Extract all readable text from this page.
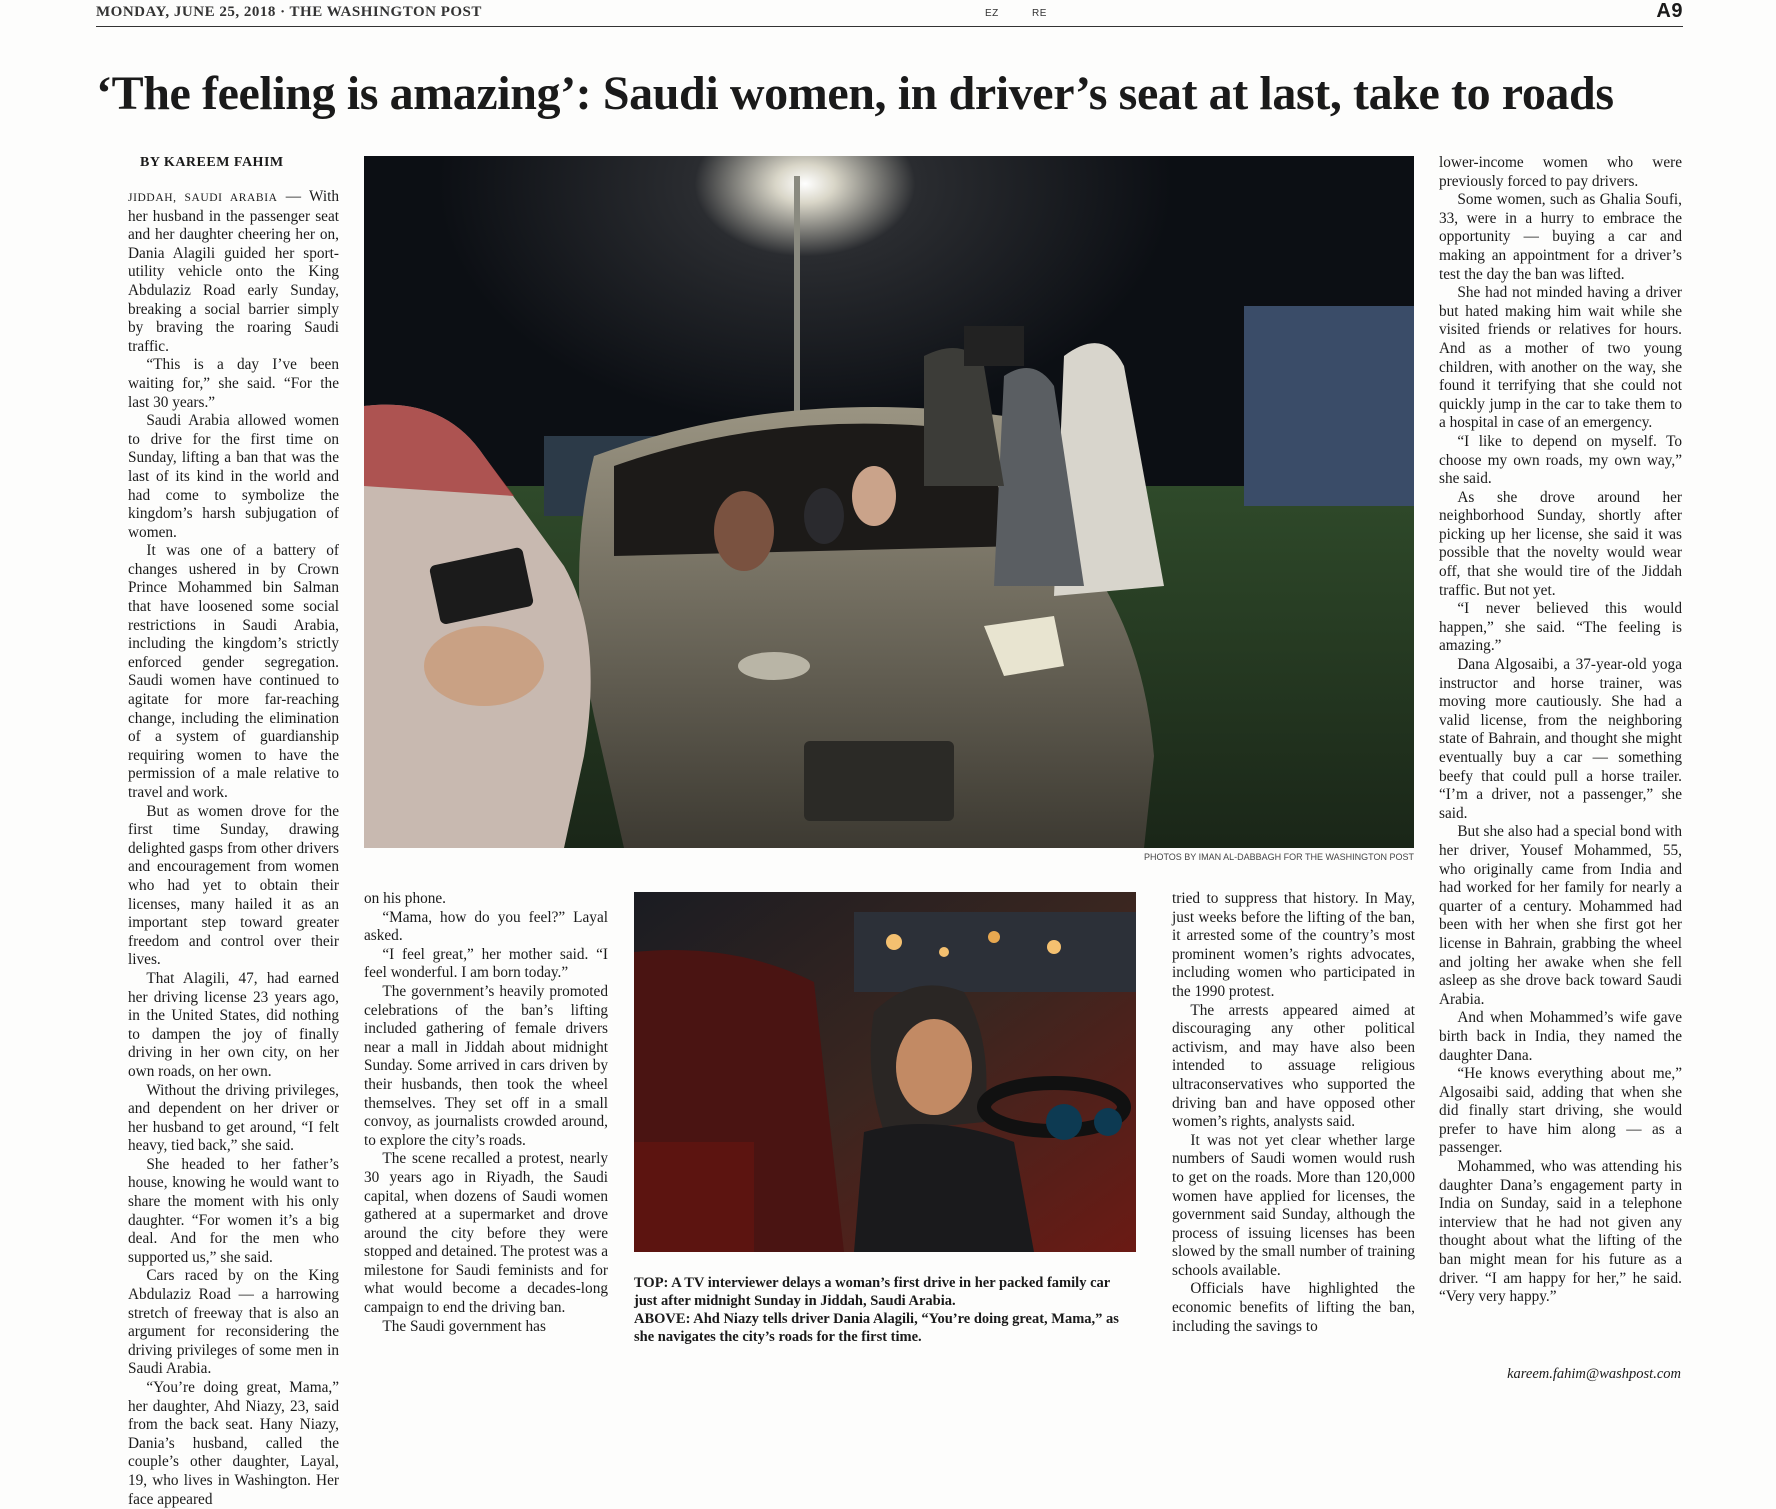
MONDAY, JUNE 25, 2018 · THE WASHINGTON POST	EZ	RE	A9
‘The feeling is amazing’: Saudi women, in driver’s seat at last, take to roads
BY KAREEM FAHIM

JIDDAH, SAUDI ARABIA — With her husband in the passenger seat and her daughter cheering her on, Dania Alagili guided her sport-utility vehicle onto the King Abdulaziz Road early Sunday, breaking a social barrier simply by braving the roaring Saudi traffic.

“This is a day I’ve been waiting for,” she said. “For the last 30 years.”

Saudi Arabia allowed women to drive for the first time on Sunday, lifting a ban that was the last of its kind in the world and had come to symbolize the kingdom’s harsh subjugation of women.

It was one of a battery of changes ushered in by Crown Prince Mohammed bin Salman that have loosened some social restrictions in Saudi Arabia, including the kingdom’s strictly enforced gender segregation. Saudi women have continued to agitate for more far-reaching change, including the elimination of a system of guardianship requiring women to have the permission of a male relative to travel and work.

But as women drove for the first time Sunday, drawing delighted gasps from other drivers and encouragement from women who had yet to obtain their licenses, many hailed it as an important step toward greater freedom and control over their lives.

That Alagili, 47, had earned her driving license 23 years ago, in the United States, did nothing to dampen the joy of finally driving in her own city, on her own roads, on her own.

Without the driving privileges, and dependent on her driver or her husband to get around, “I felt heavy, tied back,” she said.

She headed to her father’s house, knowing he would want to share the moment with his only daughter. “For women it’s a big deal. And for the men who supported us,” she said.

Cars raced by on the King Abdulaziz Road — a harrowing stretch of freeway that is also an argument for reconsidering the driving privileges of some men in Saudi Arabia.

“You’re doing great, Mama,” her daughter, Ahd Niazy, 23, said from the back seat. Hany Niazy, Dania’s husband, called the couple’s other daughter, Layal, 19, who lives in Washington. Her face appeared

PHOTOS BY IMAN AL-DABBAGH FOR THE WASHINGTON POST

on his phone.

“Mama, how do you feel?” Layal asked.

“I feel great,” her mother said. “I feel wonderful. I am born today.”

The government’s heavily promoted celebrations of the ban’s lifting included gathering of female drivers near a mall in Jiddah about midnight Sunday. Some arrived in cars driven by their husbands, then took the wheel themselves. They set off in a small convoy, as journalists crowded around, to explore the city’s roads.

The scene recalled a protest, nearly 30 years ago in Riyadh, the Saudi capital, when dozens of Saudi women gathered at a supermarket and drove around the city before they were stopped and detained. The protest was a milestone for Saudi feminists and for what would become a decades-long campaign to end the driving ban.

The Saudi government has

TOP: A TV interviewer delays a woman’s first drive in her packed family car just after midnight Sunday in Jiddah, Saudi Arabia.

ABOVE: Ahd Niazy tells driver Dania Alagili, “You’re doing great, Mama,” as she navigates the city’s roads for the first time.

tried to suppress that history. In May, just weeks before the lifting of the ban, it arrested some of the country’s most prominent women’s rights advocates, including women who participated in the 1990 protest.

The arrests appeared aimed at discouraging any other political activism, and may have also been intended to assuage religious ultraconservatives who supported the driving ban and have opposed other women’s rights, analysts said.

It was not yet clear whether large numbers of Saudi women would rush to get on the roads. More than 120,000 women have applied for licenses, the government said Sunday, although the process of issuing licenses has been slowed by the small number of training schools available.

Officials have highlighted the economic benefits of lifting the ban, including the savings to

lower-income women who were previously forced to pay drivers.

Some women, such as Ghalia Soufi, 33, were in a hurry to embrace the opportunity — buying a car and making an appointment for a driver’s test the day the ban was lifted.

She had not minded having a driver but hated making him wait while she visited friends or relatives for hours. And as a mother of two young children, with another on the way, she found it terrifying that she could not quickly jump in the car to take them to a hospital in case of an emergency.

“I like to depend on myself. To choose my own roads, my own way,” she said.

As she drove around her neighborhood Sunday, shortly after picking up her license, she said it was possible that the novelty would wear off, that she would tire of the Jiddah traffic. But not yet.

“I never believed this would happen,” she said. “The feeling is amazing.”

Dana Algosaibi, a 37-year-old yoga instructor and horse trainer, was moving more cautiously. She had a valid license, from the neighboring state of Bahrain, and thought she might eventually buy a car — something beefy that could pull a horse trailer. “I’m a driver, not a passenger,” she said.

But she also had a special bond with her driver, Yousef Mohammed, 55, who originally came from India and had worked for her family for nearly a quarter of a century. Mohammed had been with her when she first got her license in Bahrain, grabbing the wheel and jolting her awake when she fell asleep as she drove back toward Saudi Arabia.

And when Mohammed’s wife gave birth back in India, they named the daughter Dana.

“He knows everything about me,” Algosaibi said, adding that when she did finally start driving, she would prefer to have him along — as a passenger.

Mohammed, who was attending his daughter Dana’s engagement party in India on Sunday, said in a telephone interview that he had not given any thought about what the lifting of the ban might mean for his future as a driver. “I am happy for her,” he said. “Very very happy.”

kareem.fahim@washpost.com
